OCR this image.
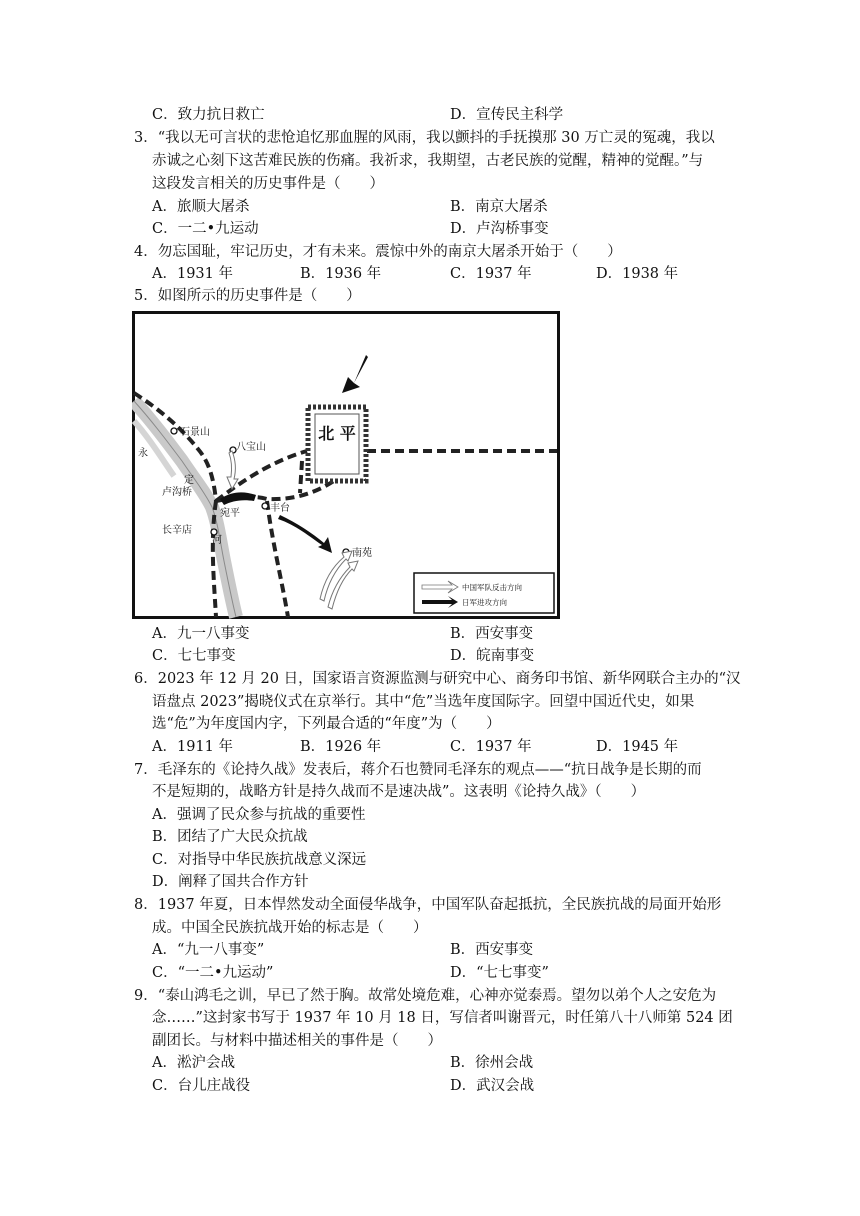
C．致力抗日救亡	D．宣传民主科学
3．“我以无可言状的悲怆追忆那血腥的风雨，我以颤抖的手抚摸那 30 万亡灵的冤魂，我以
赤诚之心刻下这苦难民族的伤痛。我祈求，我期望，古老民族的觉醒，精神的觉醒。”与
这段发言相关的历史事件是（　　）
A．旅顺大屠杀	B．南京大屠杀
C．一二•九运动	D．卢沟桥事变
4．勿忘国耻，牢记历史，才有未来。震惊中外的南京大屠杀开始于（　　）
A．1931 年	B．1936 年	C．1937 年	D．1938 年
5．如图所示的历史事件是（　　）
北 平
石景山
八宝山
卢沟桥
宛平	丰台
长辛店
南苑
永
定
河
中国军队反击方向
日军进攻方向
A．九一八事变	B．西安事变
C．七七事变	D．皖南事变
6．2023 年 12 月 20 日，国家语言资源监测与研究中心、商务印书馆、新华网联合主办的“汉
语盘点 2023”揭晓仪式在京举行。其中“危”当选年度国际字。回望中国近代史，如果
选“危”为年度国内字，下列最合适的“年度”为（　　）
A．1911 年	B．1926 年	C．1937 年	D．1945 年
7．毛泽东的《论持久战》发表后，蒋介石也赞同毛泽东的观点——“抗日战争是长期的而
不是短期的，战略方针是持久战而不是速决战”。这表明《论持久战》（　　）
A．强调了民众参与抗战的重要性
B．团结了广大民众抗战
C．对指导中华民族抗战意义深远
D．阐释了国共合作方针
8．1937 年夏，日本悍然发动全面侵华战争，中国军队奋起抵抗，全民族抗战的局面开始形
成。中国全民族抗战开始的标志是（　　）
A．“九一八事变”	B．西安事变
C．“一二•九运动”	D．“七七事变”
9．“泰山鸿毛之训，早已了然于胸。故常处境危难，心神亦觉泰焉。望勿以弟个人之安危为
念……”这封家书写于 1937 年 10 月 18 日，写信者叫谢晋元，时任第八十八师第 524 团
副团长。与材料中描述相关的事件是（　　）
A．淞沪会战	B．徐州会战
C．台儿庄战役	D．武汉会战
